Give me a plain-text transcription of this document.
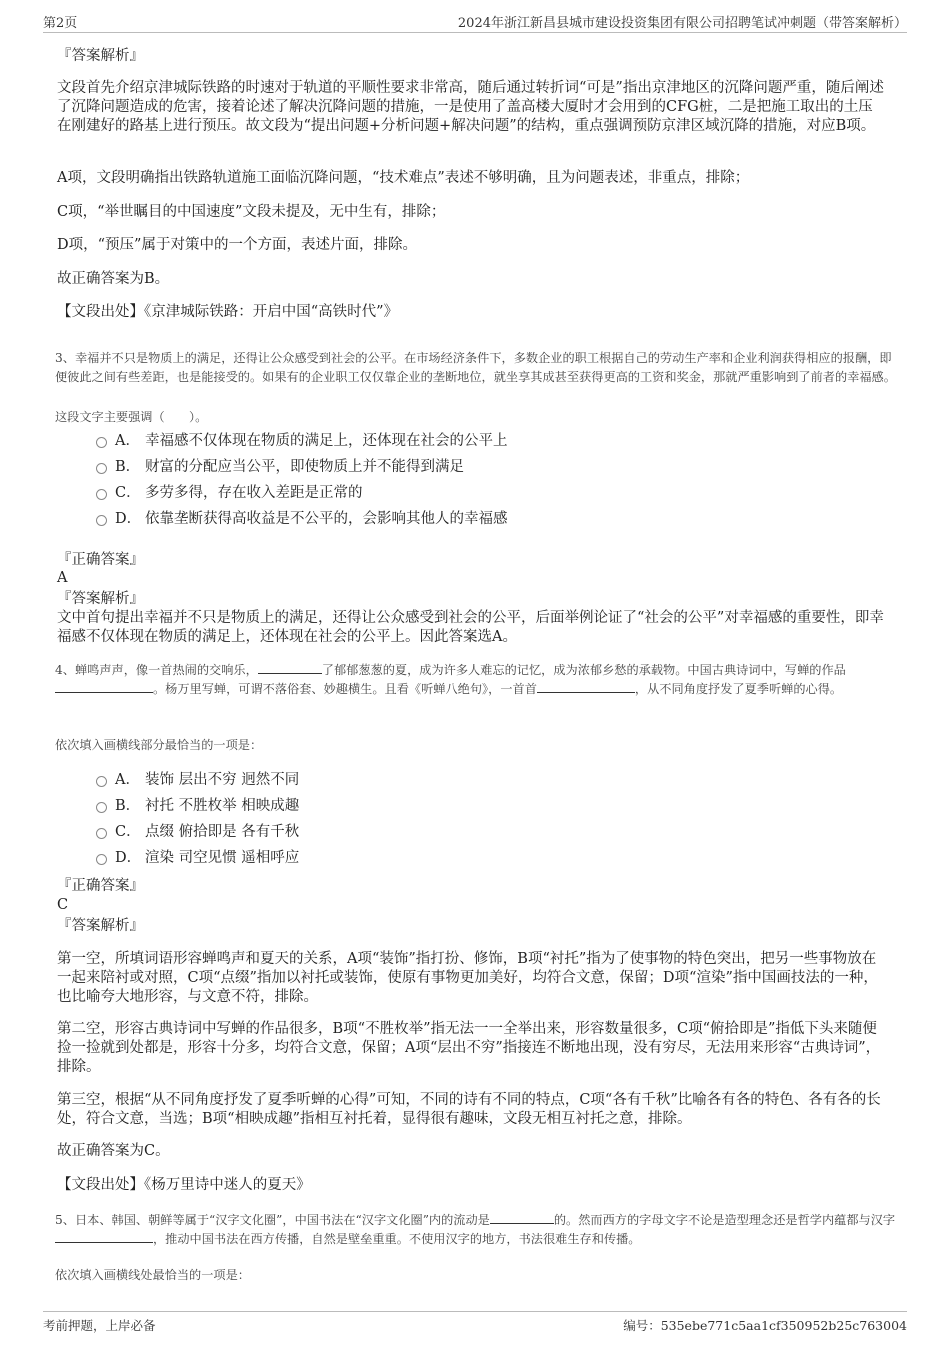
第2页	2024年浙江新昌县城市建设投资集团有限公司招聘笔试冲刺题（带答案解析）
『答案解析』
文段首先介绍京津城际铁路的时速对于轨道的平顺性要求非常高，随后通过转折词“可是”指出京津地区的沉降问题严重，随后阐述了沉降问题造成的危害，接着论述了解决沉降问题的措施，一是使用了盖高楼大厦时才会用到的CFG桩，二是把施工取出的土压在刚建好的路基上进行预压。故文段为“提出问题+分析问题+解决问题”的结构，重点强调预防京津区域沉降的措施，对应B项。
A项，文段明确指出铁路轨道施工面临沉降问题，“技术难点”表述不够明确，且为问题表述，非重点，排除；
C项，“举世瞩目的中国速度”文段未提及，无中生有，排除；
D项，“预压”属于对策中的一个方面，表述片面，排除。
故正确答案为B。
【文段出处】《京津城际铁路：开启中国“高铁时代”》
3、幸福并不只是物质上的满足，还得让公众感受到社会的公平。在市场经济条件下，多数企业的职工根据自己的劳动生产率和企业利润获得相应的报酬，即便彼此之间有些差距，也是能接受的。如果有的企业职工仅仅靠企业的垄断地位，就坐享其成甚至获得更高的工资和奖金，那就严重影响到了前者的幸福感。
这段文字主要强调（　　）。
A． 幸福感不仅体现在物质的满足上，还体现在社会的公平上
B． 财富的分配应当公平，即使物质上并不能得到满足
C． 多劳多得，存在收入差距是正常的
D． 依靠垄断获得高收益是不公平的，会影响其他人的幸福感
『正确答案』
A
『答案解析』
文中首句提出幸福并不只是物质上的满足，还得让公众感受到社会的公平，后面举例论证了“社会的公平”对幸福感的重要性，即幸福感不仅体现在物质的满足上，还体现在社会的公平上。因此答案选A。
4、蝉鸣声声，像一首热闹的交响乐，	了郁郁葱葱的夏，成为许多人难忘的记忆，成为浓郁乡愁的承载物。中国古典诗词中，写蝉的作品。杨万里写蝉，可谓不落俗套、妙趣横生。且看《听蝉八绝句》，一首首	，从不同角度抒发了夏季听蝉的心得。
依次填入画横线部分最恰当的一项是：
A． 装饰 层出不穷 迥然不同
B． 衬托 不胜枚举 相映成趣
C． 点缀 俯拾即是 各有千秋
D． 渲染 司空见惯 遥相呼应
『正确答案』
C
『答案解析』
第一空，所填词语形容蝉鸣声和夏天的关系，A项“装饰”指打扮、修饰，B项“衬托”指为了使事物的特色突出，把另一些事物放在一起来陪衬或对照，C项“点缀”指加以衬托或装饰，使原有事物更加美好，均符合文意，保留；D项“渲染”指中国画技法的一种，也比喻夸大地形容，与文意不符，排除。
第二空，形容古典诗词中写蝉的作品很多，B项“不胜枚举”指无法一一全举出来，形容数量很多，C项“俯拾即是”指低下头来随便捡一捡就到处都是，形容十分多，均符合文意，保留；A项“层出不穷”指接连不断地出现，没有穷尽，无法用来形容“古典诗词”，排除。
第三空，根据“从不同角度抒发了夏季听蝉的心得”可知，不同的诗有不同的特点，C项“各有千秋”比喻各有各的特色、各有各的长处，符合文意，当选；B项“相映成趣”指相互衬托着，显得很有趣味，文段无相互衬托之意，排除。
故正确答案为C。
【文段出处】《杨万里诗中迷人的夏天》
5、日本、韩国、朝鲜等属于“汉字文化圈”，中国书法在“汉字文化圈”内的流动是	的。然而西方的字母文字不论是造型理念还是哲学内蕴都与汉字，推动中国书法在西方传播，自然是壁垒重重。不使用汉字的地方，书法很难生存和传播。
依次填入画横线处最恰当的一项是：
考前押题，上岸必备	编号：535ebe771c5aa1cf350952b25c763004
